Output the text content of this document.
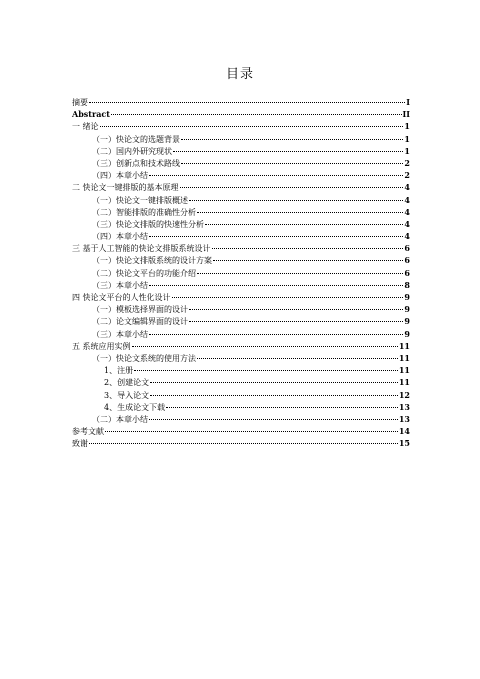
目录
摘要	I
Abstract	II
一 绪论	1
（一）快论文的选题背景	1
（二）国内外研究现状	1
（三）创新点和技术路线	2
（四）本章小结	2
二 快论文一键排版的基本原理	4
（一）快论文一键排版概述	4
（二）智能排版的准确性分析	4
（三）快论文排版的快速性分析	4
（四）本章小结	4
三 基于人工智能的快论文排版系统设计	6
（一）快论文排版系统的设计方案	6
（二）快论文平台的功能介绍	6
（三）本章小结	8
四 快论文平台的人性化设计	9
（一）模板选择界面的设计	9
（二）论文编辑界面的设计	9
（三）本章小结	9
五 系统应用实例	11
（一）快论文系统的使用方法	11
1、注册	11
2、创建论文	11
3、导入论文	12
4、生成论文下载	13
（二）本章小结	13
参考文献	14
致谢	15
